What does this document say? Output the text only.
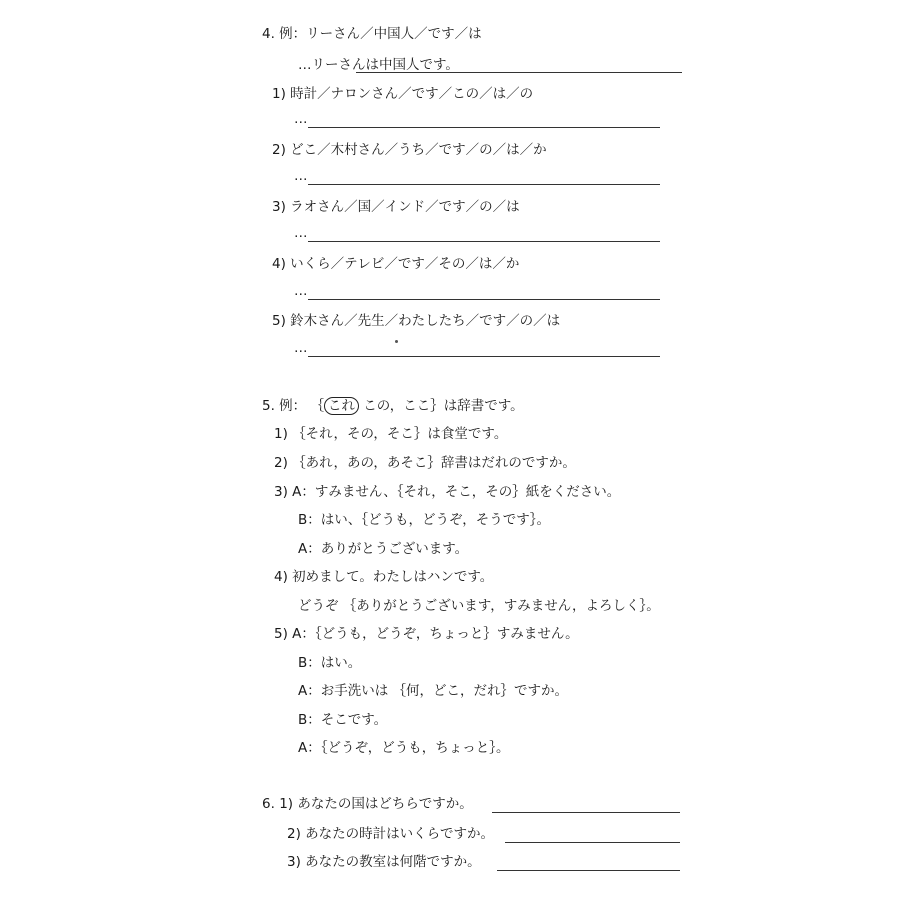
4. 例：リーさん／中国人／です／は
…リーさんは中国人です。
1) 時計／ナロンさん／です／この／は／の
…
2) どこ／木村さん／うち／です／の／は／か
…
3) ラオさん／国／インド／です／の／は
…
4) いくら／テレビ／です／その／は／か
…
5) 鈴木さん／先生／わたしたち／です／の／は
…
5. 例： ｛ これ この，ここ｝は辞書です。
1) ｛それ，その，そこ｝は食堂です。
2) ｛あれ，あの，あそこ｝辞書はだれのですか。
3) A：すみません、｛それ，そこ，その｝紙をください。
B：はい、｛どうも，どうぞ，そうです｝。
A：ありがとうございます。
4) 初めまして。わたしはハンです。
どうぞ ｛ありがとうございます，すみません，よろしく｝。
5) A：｛どうも，どうぞ，ちょっと｝すみません。
B：はい。
A：お手洗いは ｛何，どこ，だれ｝ですか。
B：そこです。
A：｛どうぞ，どうも，ちょっと｝。
6. 1) あなたの国はどちらですか。
2) あなたの時計はいくらですか。
3) あなたの教室は何階ですか。
